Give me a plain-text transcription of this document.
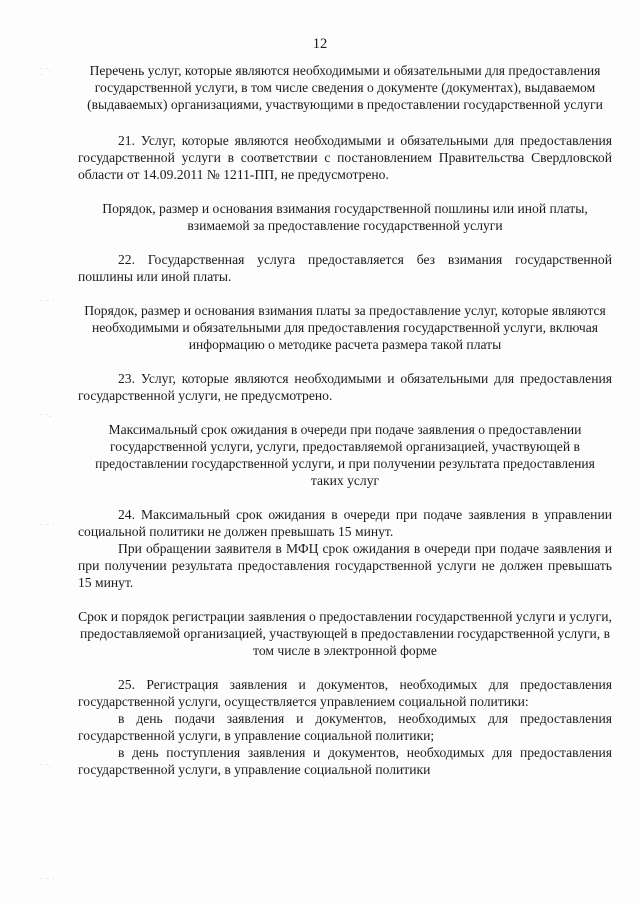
· ·. ·
· · ·
· ·.
· · ·
· ·.
· · ·
12

Перечень услуг, которые являются необходимыми и обязательными для предоставления государственной услуги, в том числе сведения о документе (документах), выдаваемом (выдаваемых) организациями, участвующими в предоставлении государственной услуги

21. Услуг, которые являются необходимыми и обязательными для предоставления государственной услуги в соответствии с постановлением Правительства Свердловской области от 14.09.2011 № 1211-ПП, не предусмотрено.

Порядок, размер и основания взимания государственной пошлины или иной платы, взимаемой за предоставление государственной услуги

22. Государственная услуга предоставляется без взимания государственной пошлины или иной платы.

Порядок, размер и основания взимания платы за предоставление услуг, которые являются необходимыми и обязательными для предоставления государственной услуги, включая информацию о методике расчета размера такой платы

23. Услуг, которые являются необходимыми и обязательными для предоставления государственной услуги, не предусмотрено.

Максимальный срок ожидания в очереди при подаче заявления о предоставлении государственной услуги, услуги, предоставляемой организацией, участвующей в предоставлении государственной услуги, и при получении результата предоставления таких услуг

24. Максимальный срок ожидания в очереди при подаче заявления в управлении социальной политики не должен превышать 15 минут.

При обращении заявителя в МФЦ срок ожидания в очереди при подаче заявления и при получении результата предоставления государственной услуги не должен превышать 15 минут.

Срок и порядок регистрации заявления о предоставлении государственной услуги и услуги, предоставляемой организацией, участвующей в предоставлении государственной услуги, в том числе в электронной форме

25. Регистрация заявления и документов, необходимых для предоставления государственной услуги, осуществляется управлением социальной политики:

в день подачи заявления и документов, необходимых для предоставления государственной услуги, в управление социальной политики;

в день поступления заявления и документов, необходимых для предоставления государственной услуги, в управление социальной политики
